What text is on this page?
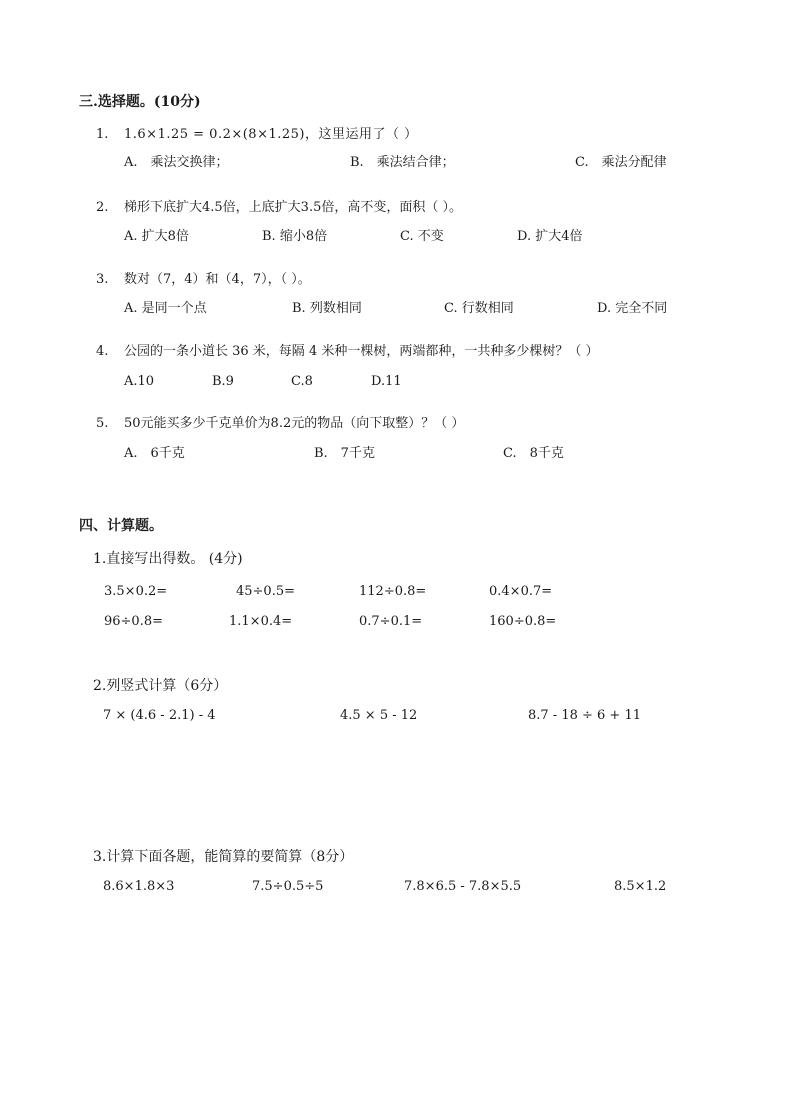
三.选择题。(10分)
1. 1.6×1.25 = 0.2×(8×1.25)，这里运用了（ ）
A.　乘法交换律；	B.　乘法结合律；	C.　乘法分配律
2. 梯形下底扩大4.5倍，上底扩大3.5倍，高不变，面积（ ）。
A. 扩大8倍	B. 缩小8倍	C. 不变	D. 扩大4倍
3. 数对（7，4）和（4，7），（ ）。
A. 是同一个点	B. 列数相同	C. 行数相同	D. 完全不同
4. 公园的一条小道长 36 米，每隔 4 米种一棵树，两端都种，一共种多少棵树？（ ）
A.10	B.9	C.8	D.11
5. 50元能买多少千克单价为8.2元的物品（向下取整）？（ ）
A.　6千克	B.　7千克	C.　8千克
四、计算题。
1.直接写出得数。 (4分)
3.5×0.2=	45÷0.5=	112÷0.8=	0.4×0.7=
96÷0.8=	1.1×0.4=	0.7÷0.1=	160÷0.8=
2.列竖式计算（6分）
7 × (4.6 - 2.1) - 4	4.5 × 5 - 12	8.7 - 18 ÷ 6 + 11
3.计算下面各题，能简算的要简算（8分）
8.6×1.8×3	7.5÷0.5÷5	7.8×6.5 - 7.8×5.5	8.5×1.2
